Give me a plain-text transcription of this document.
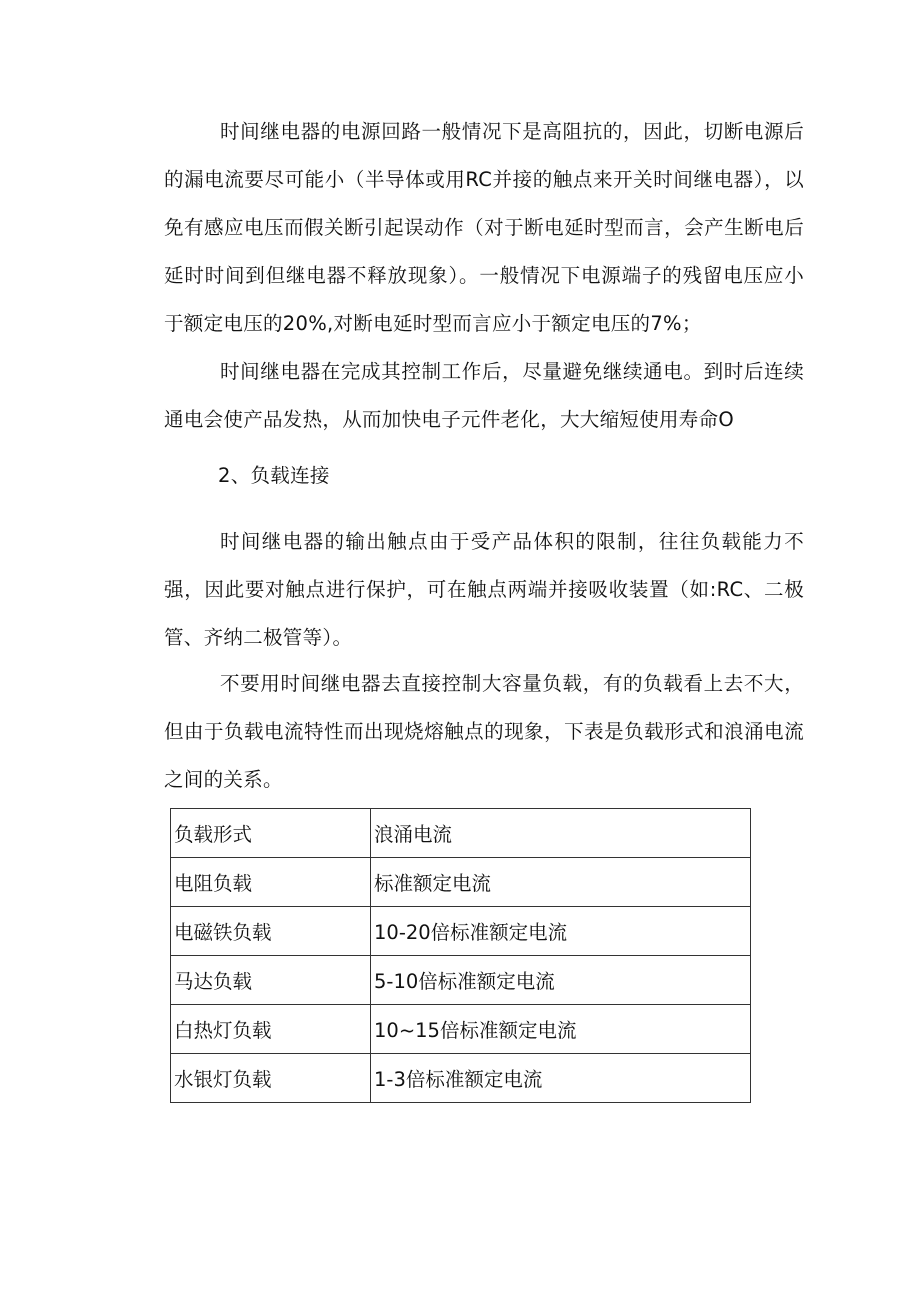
时间继电器的电源回路一般情况下是高阻抗的，因此，切断电源后的漏电流要尽可能小（半导体或用RC并接的触点来开关时间继电器），以免有感应电压而假关断引起误动作（对于断电延时型而言，会产生断电后延时时间到但继电器不释放现象）。一般情况下电源端子的残留电压应小于额定电压的20%,对断电延时型而言应小于额定电压的7%；

时间继电器在完成其控制工作后，尽量避免继续通电。到时后连续通电会使产品发热，从而加快电子元件老化，大大缩短使用寿命O

2、负载连接

时间继电器的输出触点由于受产品体积的限制，往往负载能力不强，因此要对触点进行保护，可在触点两端并接吸收装置（如:RC、二极管、齐纳二极管等）。

不要用时间继电器去直接控制大容量负载，有的负载看上去不大，但由于负载电流特性而出现烧熔触点的现象，下表是负载形式和浪涌电流之间的关系。

负载形式	浪涌电流
电阻负载	标准额定电流
电磁铁负载	10-20倍标准额定电流
马达负载	5-10倍标准额定电流
白热灯负载	10~15倍标准额定电流
水银灯负载	1-3倍标准额定电流
